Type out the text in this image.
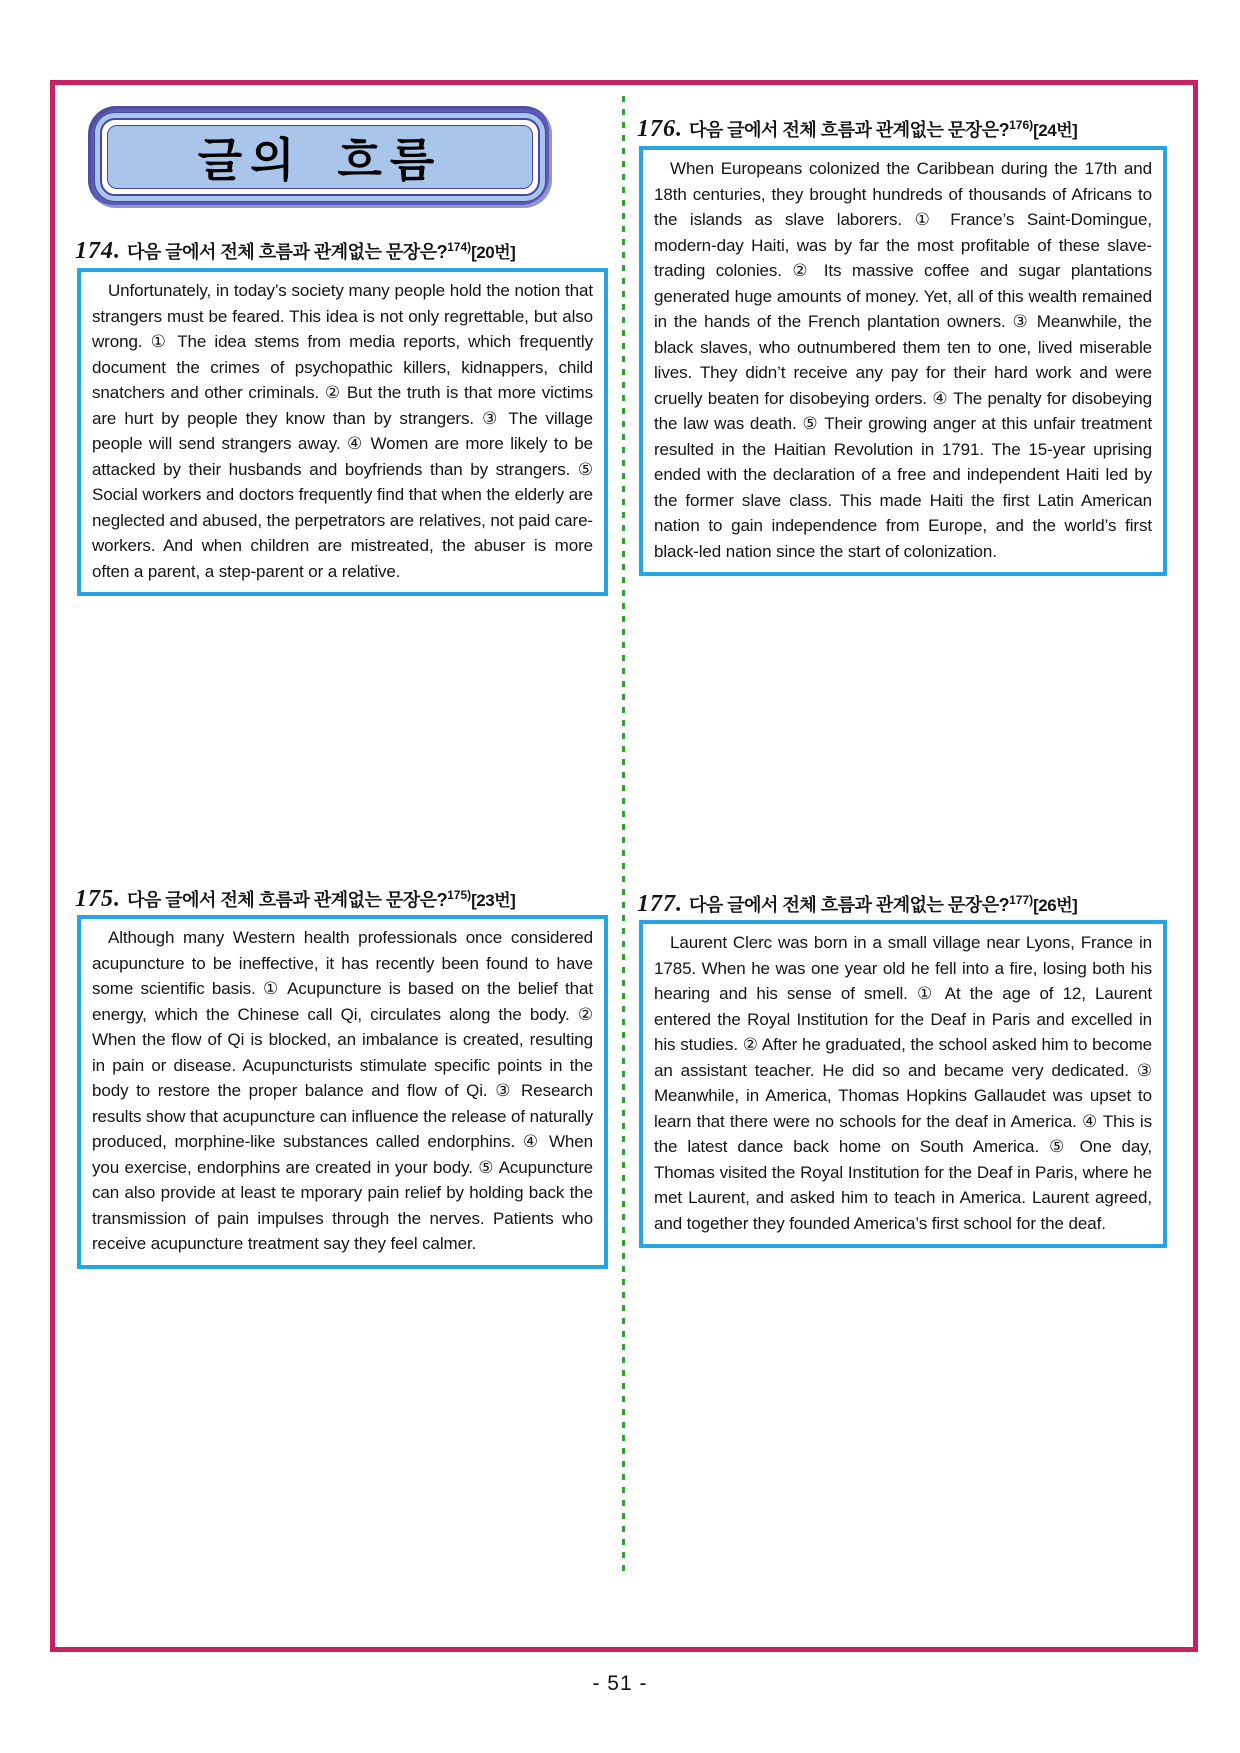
글의 흐름
174. 다음 글에서 전체 흐름과 관계없는 문장은?$^{174)}$[20번]
Unfortunately, in today’s society many people hold the notion that strangers must be feared. This idea is not only regrettable, but also wrong. ① The idea stems from media reports, which frequently document the crimes of psychopathic killers, kidnappers, child snatchers and other criminals. ② But the truth is that more victims are hurt by people they know than by strangers. ③ The village people will send strangers away. ④ Women are more likely to be attacked by their husbands and boyfriends than by strangers. ⑤ Social workers and doctors frequently find that when the elderly are neglected and abused, the perpetrators are relatives, not paid care-workers. And when children are mistreated, the abuser is more often a parent, a step-parent or a relative.
175. 다음 글에서 전체 흐름과 관계없는 문장은?$^{175)}$[23번]
Although many Western health professionals once considered acupuncture to be ineffective, it has recently been found to have some scientific basis. ① Acupuncture is based on the belief that energy, which the Chinese call Qi, circulates along the body. ② When the flow of Qi is blocked, an imbalance is created, resulting in pain or disease. Acupuncturists stimulate specific points in the body to restore the proper balance and flow of Qi. ③ Research results show that acupuncture can influence the release of naturally produced, morphine-like substances called endorphins. ④ When you exercise, endorphins are created in your body. ⑤ Acupuncture can also provide at least te mporary pain relief by holding back the transmission of pain impulses through the nerves. Patients who receive acupuncture treatment say they feel calmer.
176. 다음 글에서 전체 흐름과 관계없는 문장은?$^{176)}$[24번]
When Europeans colonized the Caribbean during the 17th and 18th centuries, they brought hundreds of thousands of Africans to the islands as slave laborers. ① France’s Saint-Domingue, modern-day Haiti, was by far the most profitable of these slave-trading colonies. ② Its massive coffee and sugar plantations generated huge amounts of money. Yet, all of this wealth remained in the hands of the French plantation owners. ③ Meanwhile, the black slaves, who outnumbered them ten to one, lived miserable lives. They didn’t receive any pay for their hard work and were cruelly beaten for disobeying orders. ④ The penalty for disobeying the law was death. ⑤ Their growing anger at this unfair treatment resulted in the Haitian Revolution in 1791. The 15-year uprising ended with the declaration of a free and independent Haiti led by the former slave class. This made Haiti the first Latin American nation to gain independence from Europe, and the world’s first black-led nation since the start of colonization.
177. 다음 글에서 전체 흐름과 관계없는 문장은?$^{177)}$[26번]
Laurent Clerc was born in a small village near Lyons, France in 1785. When he was one year old he fell into a fire, losing both his hearing and his sense of smell. ① At the age of 12, Laurent entered the Royal Institution for the Deaf in Paris and excelled in his studies. ② After he graduated, the school asked him to become an assistant teacher. He did so and became very dedicated. ③ Meanwhile, in America, Thomas Hopkins Gallaudet was upset to learn that there were no schools for the deaf in America. ④ This is the latest dance back home on South America. ⑤ One day, Thomas visited the Royal Institution for the Deaf in Paris, where he met Laurent, and asked him to teach in America. Laurent agreed, and together they founded America’s first school for the deaf.
- 51 -
